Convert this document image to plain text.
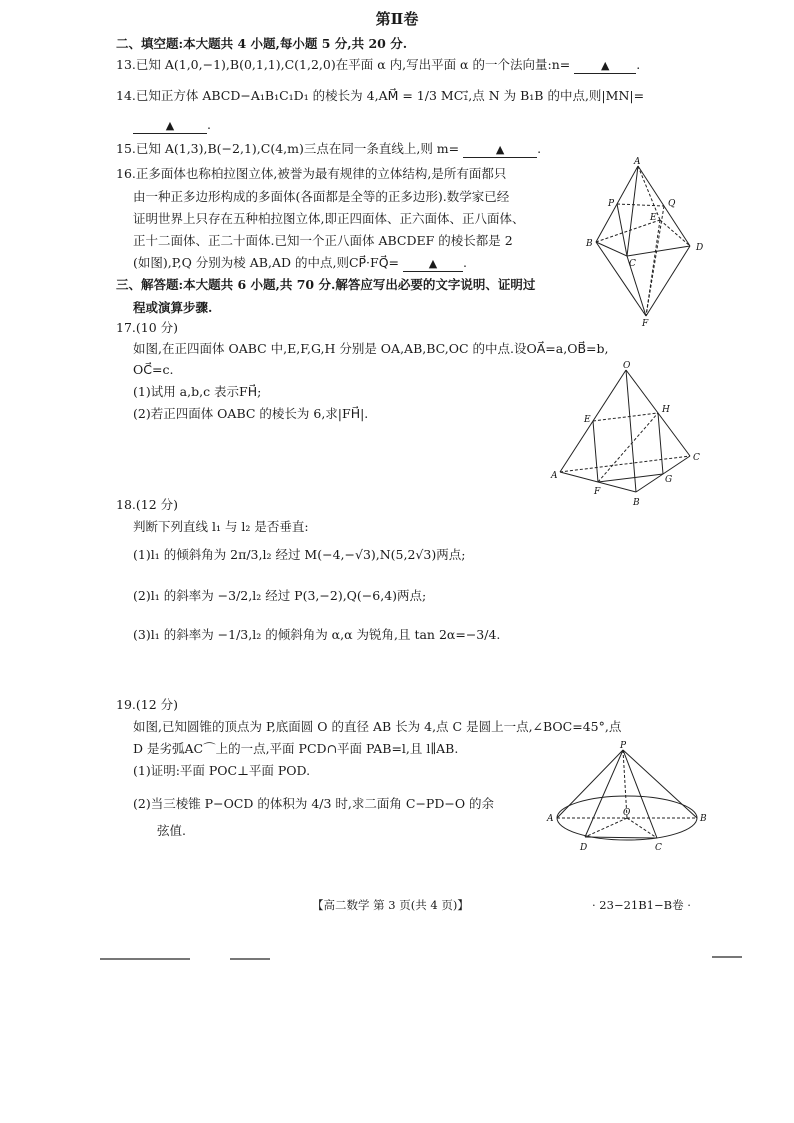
第Ⅱ卷
二、填空题:本大题共 4 小题,每小题 5 分,共 20 分.
13.已知 A(1,0,−1),B(0,1,1),C(1,2,0)在平面 α 内,写出平面 α 的一个法向量:n=	▲ .
14.已知正方体 ABCD−A₁B₁C₁D₁ 的棱长为 4,AM⃗ = 1/3 MC₁⃗,点 N 为 B₁B 的中点,则|MN|=
▲	.
15.已知 A(1,3),B(−2,1),C(4,m)三点在同一条直线上,则 m=	▲	.
16.正多面体也称柏拉图立体,被誉为最有规律的立体结构,是所有面都只
由一种正多边形构成的多面体(各面都是全等的正多边形).数学家已经
证明世界上只存在五种柏拉图立体,即正四面体、正六面体、正八面体、
正十二面体、正二十面体.已知一个正八面体 ABCDEF 的棱长都是 2
(如图),P,Q 分别为棱 AB,AD 的中点,则CP⃗·FQ⃗=	▲ .
三、解答题:本大题共 6 小题,共 70 分.解答应写出必要的文字说明、证明过
程或演算步骤.
A
B
C
D
E
F
P	Q
17.(10 分)
如图,在正四面体 OABC 中,E,F,G,H 分别是 OA,AB,BC,OC 的中点.设OA⃗=a,OB⃗=b,
OC⃗=c.
(1)试用 a,b,c 表示FH⃗;
(2)若正四面体 OABC 的棱长为 6,求|FH⃗|.
O
A
B
C
E
F
G
H
18.(12 分)
判断下列直线 l₁ 与 l₂ 是否垂直:
(1)l₁ 的倾斜角为 2π/3,l₂ 经过 M(−4,−√3),N(5,2√3)两点;
(2)l₁ 的斜率为 −3/2,l₂ 经过 P(3,−2),Q(−6,4)两点;
(3)l₁ 的斜率为 −1/3,l₂ 的倾斜角为 α,α 为锐角,且 tan 2α=−3/4.
19.(12 分)
如图,已知圆锥的顶点为 P,底面圆 O 的直径 AB 长为 4,点 C 是圆上一点,∠BOC=45°,点
D 是劣弧AC⌒上的一点,平面 PCD∩平面 PAB=l,且 l∥AB.
(1)证明:平面 POC⊥平面 POD.
(2)当三棱锥 P−OCD 的体积为 4/3 时,求二面角 C−PD−O 的余
弦值.
P
A	B
O
C
D
【高二数学 第 3 页(共 4 页)】	· 23−21B1−B卷 ·
